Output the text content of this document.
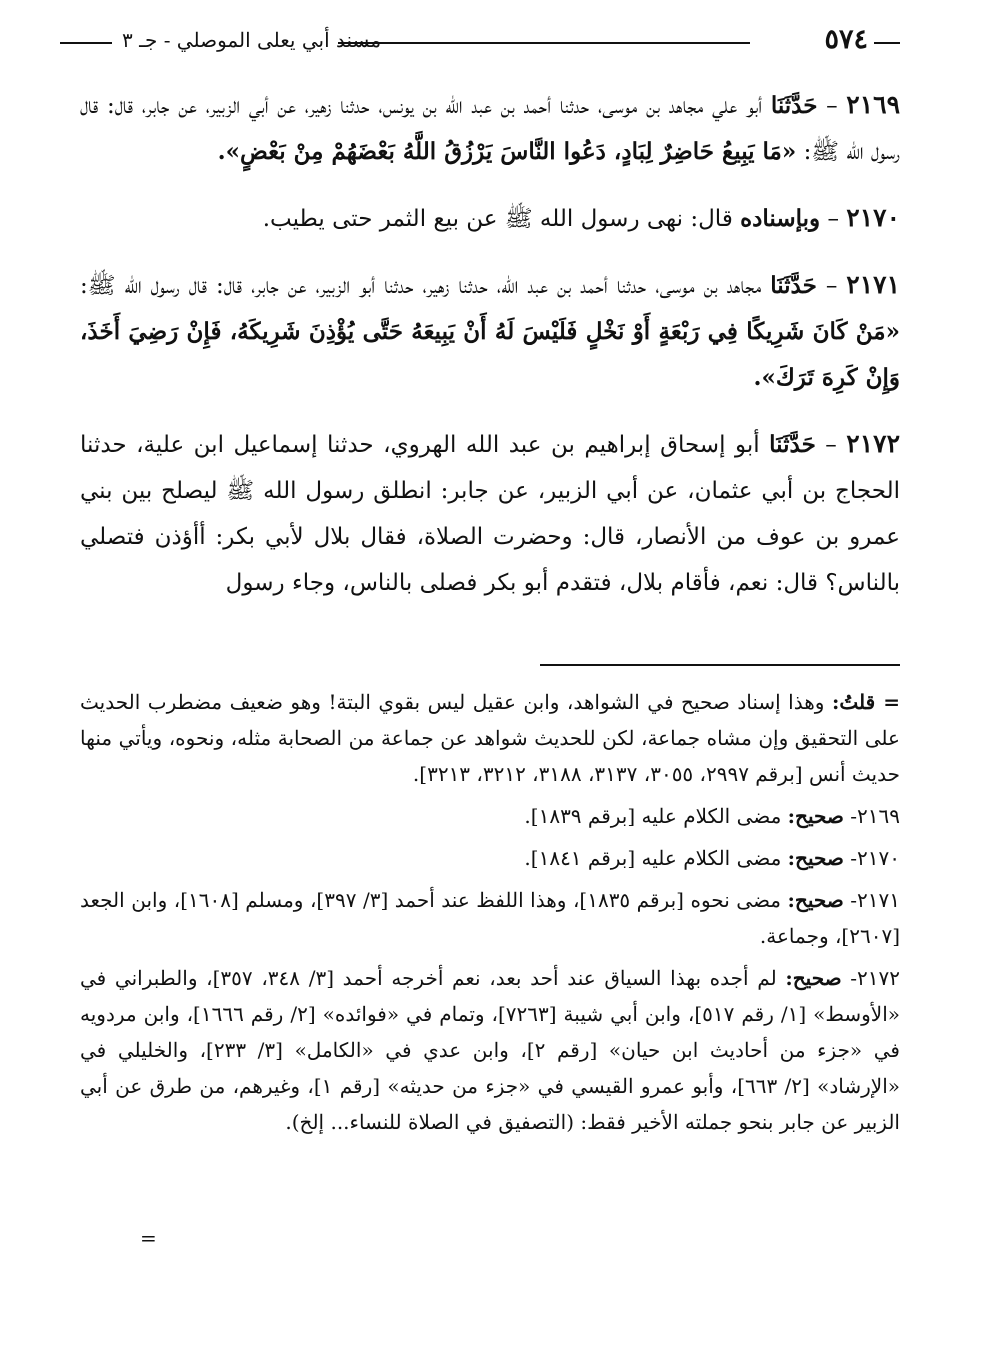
٥٧٤
مسند أبي يعلى الموصلي - جـ ٣

٢١٦٩ – حَدَّثَنَا أبو علي مجاهد بن موسى، حدثنا أحمد بن عبد الله بن يونس، حدثنا زهير، عن أبي الزبير، عن جابر، قال: قال رسول الله ﷺ: «مَا يَبِيعُ حَاضِرٌ لِبَادٍ، دَعُوا النَّاسَ يَرْزُقُ اللَّهُ بَعْضَهُمْ مِنْ بَعْضٍ».

٢١٧٠ – وبإسناده قال: نهى رسول الله ﷺ عن بيع الثمر حتى يطيب.

٢١٧١ – حَدَّثَنَا مجاهد بن موسى، حدثنا أحمد بن عبد الله، حدثنا زهير، حدثنا أبو الزبير، عن جابر، قال: قال رسول الله ﷺ: «مَنْ كَانَ شَرِيكًا فِي رَبْعَةٍ أَوْ نَخْلٍ فَلَيْسَ لَهُ أَنْ يَبِيعَهُ حَتَّى يُؤْذِنَ شَرِيكَهُ، فَإِنْ رَضِيَ أَخَذَ، وَإِنْ كَرِهَ تَرَكَ».

٢١٧٢ – حَدَّثَنَا أبو إسحاق إبراهيم بن عبد الله الهروي، حدثنا إسماعيل ابن علية، حدثنا الحجاج بن أبي عثمان، عن أبي الزبير، عن جابر: انطلق رسول الله ﷺ ليصلح بين بني عمرو بن عوف من الأنصار، قال: وحضرت الصلاة، فقال بلال لأبي بكر: أأؤذن فتصلي بالناس؟ قال: نعم، فأقام بلال، فتقدم أبو بكر فصلى بالناس، وجاء رسول

= قلتُ: وهذا إسناد صحيح في الشواهد، وابن عقيل ليس بقوي البتة! وهو ضعيف مضطرب الحديث على التحقيق وإن مشاه جماعة، لكن للحديث شواهد عن جماعة من الصحابة مثله، ونحوه، ويأتي منها حديث أنس [برقم ٢٩٩٧، ٣٠٥٥، ٣١٣٧، ٣١٨٨، ٣٢١٢، ٣٢١٣].

٢١٦٩- صحيح: مضى الكلام عليه [برقم ١٨٣٩].

٢١٧٠- صحيح: مضى الكلام عليه [برقم ١٨٤١].

٢١٧١- صحيح: مضى نحوه [برقم ١٨٣٥]، وهذا اللفظ عند أحمد [٣/ ٣٩٧]، ومسلم [١٦٠٨]، وابن الجعد [٢٦٠٧]، وجماعة.

٢١٧٢- صحيح: لم أجده بهذا السياق عند أحد بعد، نعم أخرجه أحمد [٣/ ٣٤٨، ٣٥٧]، والطبراني في «الأوسط» [١/ رقم ٥١٧]، وابن أبي شيبة [٧٢٦٣]، وتمام في «فوائده» [٢/ رقم ١٦٦٦]، وابن مردويه في «جزء من أحاديث ابن حيان» [رقم ٢]، وابن عدي في «الكامل» [٣/ ٢٣٣]، والخليلي في «الإرشاد» [٢/ ٦٦٣]، وأبو عمرو القيسي في «جزء من حديثه» [رقم ١]، وغيرهم، من طرق عن أبي الزبير عن جابر بنحو جملته الأخير فقط: (التصفيق في الصلاة للنساء... إلخ).

=
